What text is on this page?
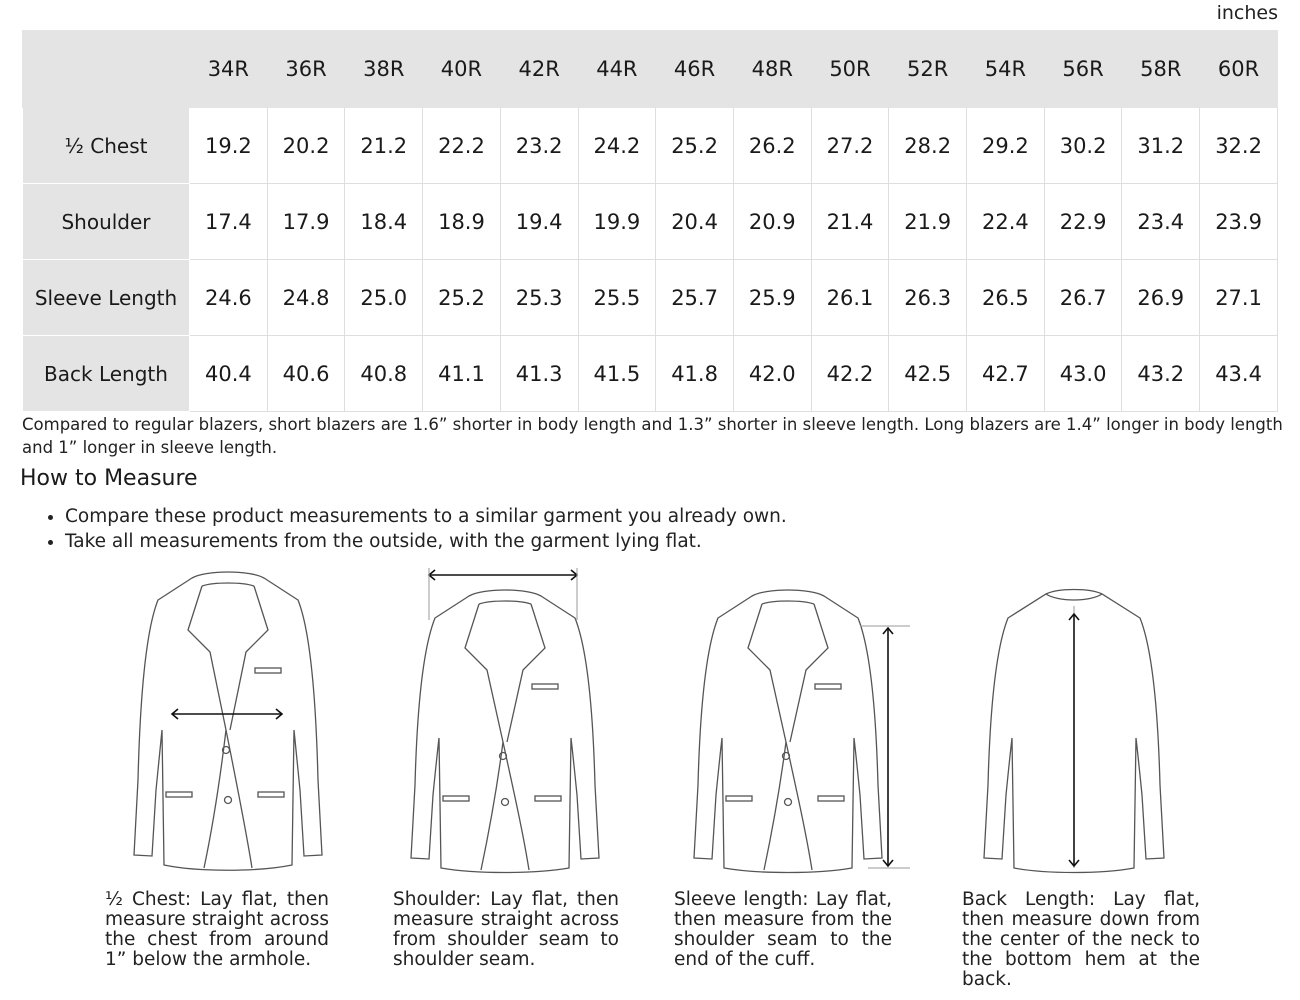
inches
	34R	36R	38R	40R	42R	44R	46R	48R	50R	52R	54R	56R	58R	60R
½ Chest	19.2	20.2	21.2	22.2	23.2	24.2	25.2	26.2	27.2	28.2	29.2	30.2	31.2	32.2
Shoulder	17.4	17.9	18.4	18.9	19.4	19.9	20.4	20.9	21.4	21.9	22.4	22.9	23.4	23.9
Sleeve Length	24.6	24.8	25.0	25.2	25.3	25.5	25.7	25.9	26.1	26.3	26.5	26.7	26.9	27.1
Back Length	40.4	40.6	40.8	41.1	41.3	41.5	41.8	42.0	42.2	42.5	42.7	43.0	43.2	43.4
Compared to regular blazers, short blazers are 1.6” shorter in body length and 1.3” shorter in sleeve length. Long blazers are 1.4” longer in body length and 1” longer in sleeve length.
How to Measure
• Compare these product measurements to a similar garment you already own.
• Take all measurements from the outside, with the garment lying flat.
½ Chest: Lay flat, then measure straight across the chest from around 1” below the armhole.
Shoulder: Lay flat, then measure straight across from shoulder seam to shoulder seam.
Sleeve length: Lay flat, then measure from the shoulder seam to the end of the cuff.
Back Length: Lay flat, then measure down from the center of the neck to the bottom hem at the back.
